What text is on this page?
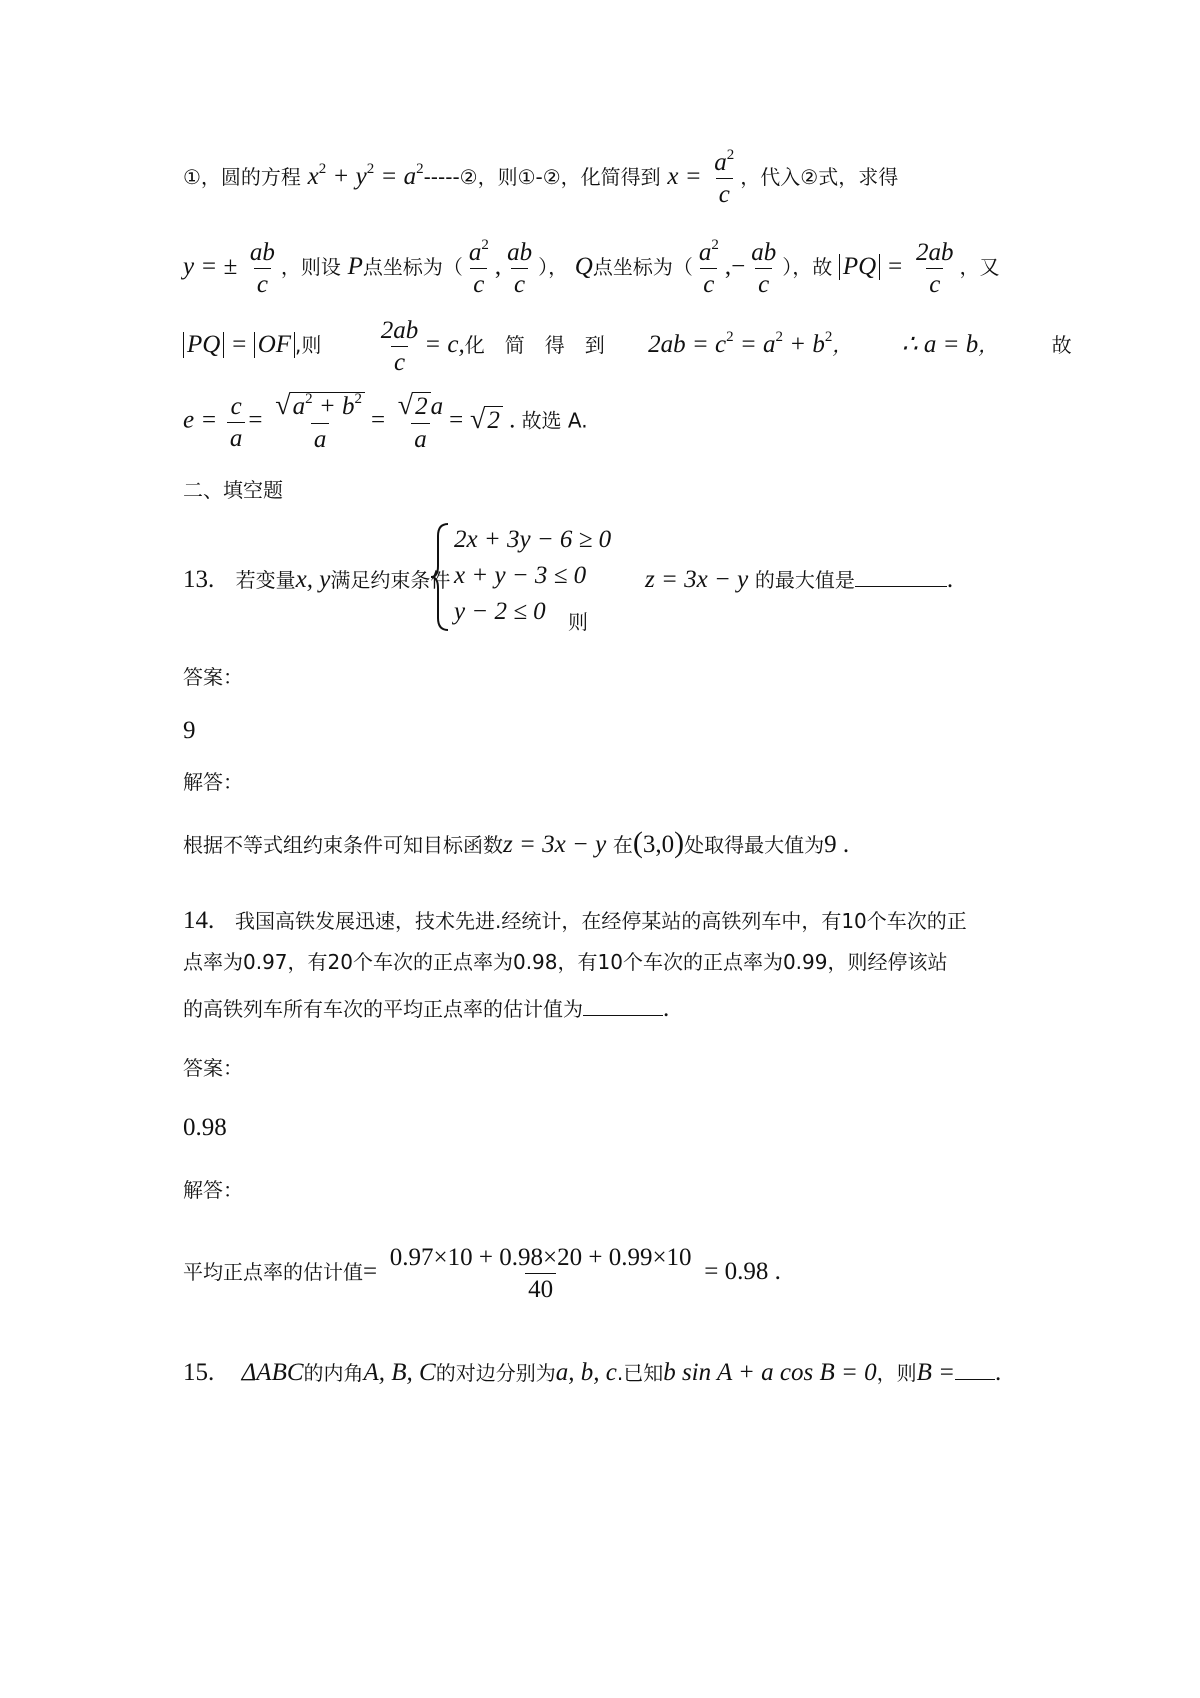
①，圆的方程 $x^2 + y^2$ = $a^2-----②$，则①-②，化简得到 $x = \frac{a^2}{c}$ ，代入②式，求得
y = ± $\frac{ab}{c}$ ，则设 P点坐标为（ $\frac{a^2}{c}$ , $\frac{ab}{c}$ ）， Q点坐标为（ $\frac{a^2}{c}$ ,− $\frac{ab}{c}$ ），故 PQ = $\frac{2ab}{c}$ ，又
PQ = OF ,则 $\frac{2ab}{c} = c$,化　简　得　到 $2ab = c^2 = a^2 + b^2$， ∴ a = b，	故
$e = \frac{c}{a} = \frac{√ a^2 + b^2}{a} = \frac{√ 2 a}{a}$ = √ 2 . 故选 A.
二、填空题
13. 若变量x, y满足约束条件
2x + 3y − 6 ≥ 0
x + y − 3 ≤ 0
y − 2 ≤ 0	则
z = 3x − y 的最大值是	.
答案：
9
解答：
根据不等式组约束条件可知目标函数z = 3x − y 在(3,0)处取得最大值为9 .
14. 我国高铁发展迅速，技术先进.经统计，在经停某站的高铁列车中，有10个车次的正
点率为0.97，有20个车次的正点率为0.98，有10个车次的正点率为0.99，则经停该站
的高铁列车所有车次的平均正点率的估计值为	.
答案：
0.98
解答：
平均正点率的估计值= $\frac{0.97\times 10 + 0.98\times 20 + 0.99\times 10}{40} = 0.98$ .
15. ΔABC的内角A, B, C的对边分别为a, b, c.已知b sin A + a cos B = 0，则B = .
